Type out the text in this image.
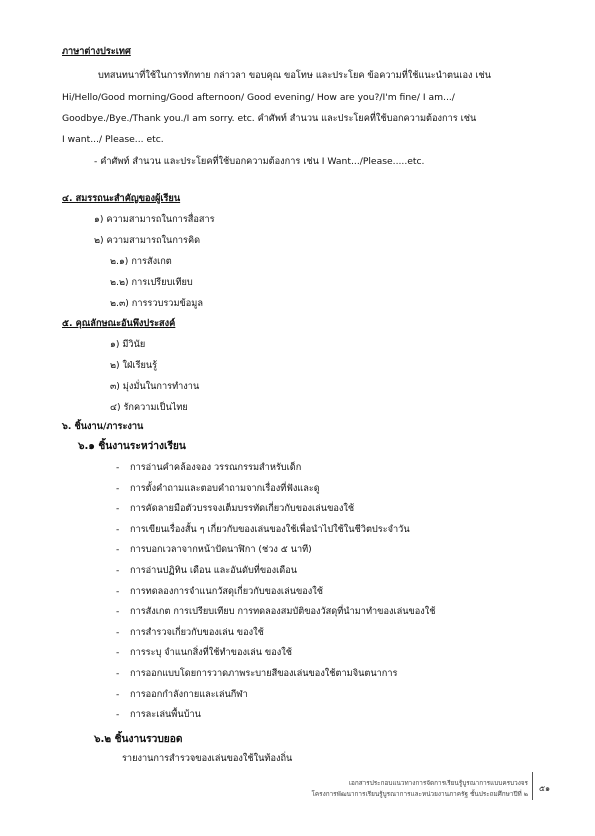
ภาษาต่างประเทศ
บทสนทนาที่ใช้ในการทักทาย กล่าวลา ขอบคุณ ขอโทษ และประโยค ข้อความที่ใช้แนะนำตนเอง เช่น
Hi/Hello/Good morning/Good afternoon/ Good evening/ How are you?/I'm fine/ I am.../
Goodbye./Bye./Thank you./I am sorry. etc. คำศัพท์ สำนวน และประโยคที่ใช้บอกความต้องการ เช่น
I want.../ Please... etc.
- คำศัพท์ สำนวน และประโยคที่ใช้บอกความต้องการ เช่น I Want.../Please.....etc.
๔. สมรรถนะสำคัญของผู้เรียน
๑) ความสามารถในการสื่อสาร
๒) ความสามารถในการคิด
๒.๑) การสังเกต
๒.๒) การเปรียบเทียบ
๒.๓) การรวบรวมข้อมูล
๕. คุณลักษณะอันพึงประสงค์
๑) มีวินัย
๒) ใฝ่เรียนรู้
๓) มุ่งมั่นในการทำงาน
๔) รักความเป็นไทย
๖. ชิ้นงาน/ภาระงาน
๖.๑ ชิ้นงานระหว่างเรียน
- การอ่านคำคล้องจอง วรรณกรรมสำหรับเด็ก
- การตั้งคำถามและตอบคำถามจากเรื่องที่ฟังและดู
- การคัดลายมือตัวบรรจงเต็มบรรทัดเกี่ยวกับของเล่นของใช้
- การเขียนเรื่องสั้น ๆ เกี่ยวกับของเล่นของใช้เพื่อนำไปใช้ในชีวิตประจำวัน
- การบอกเวลาจากหน้าปัดนาฬิกา (ช่วง ๕ นาที)
- การอ่านปฏิทิน เดือน และอันดับที่ของเดือน
- การทดลองการจำแนกวัสดุเกี่ยวกับของเล่นของใช้
- การสังเกต การเปรียบเทียบ การทดลองสมบัติของวัสดุที่นำมาทำของเล่นของใช้
- การสำรวจเกี่ยวกับของเล่น ของใช้
- การระบุ จำแนกสิ่งที่ใช้ทำของเล่น ของใช้
- การออกแบบโดยการวาดภาพระบายสีของเล่นของใช้ตามจินตนาการ
- การออกกำลังกายและเล่นกีฬา
- การละเล่นพื้นบ้าน
๖.๒ ชิ้นงานรวบยอด
รายงานการสำรวจของเล่นของใช้ในท้องถิ่น
เอกสารประกอบแนวทางการจัดการเรียนรู้บูรณาการแบบครบวงจร
โครงการพัฒนาการเรียนรู้บูรณาการและหน่วยงานภาครัฐ ชั้นประถมศึกษาปีที่ ๒
๕๑
